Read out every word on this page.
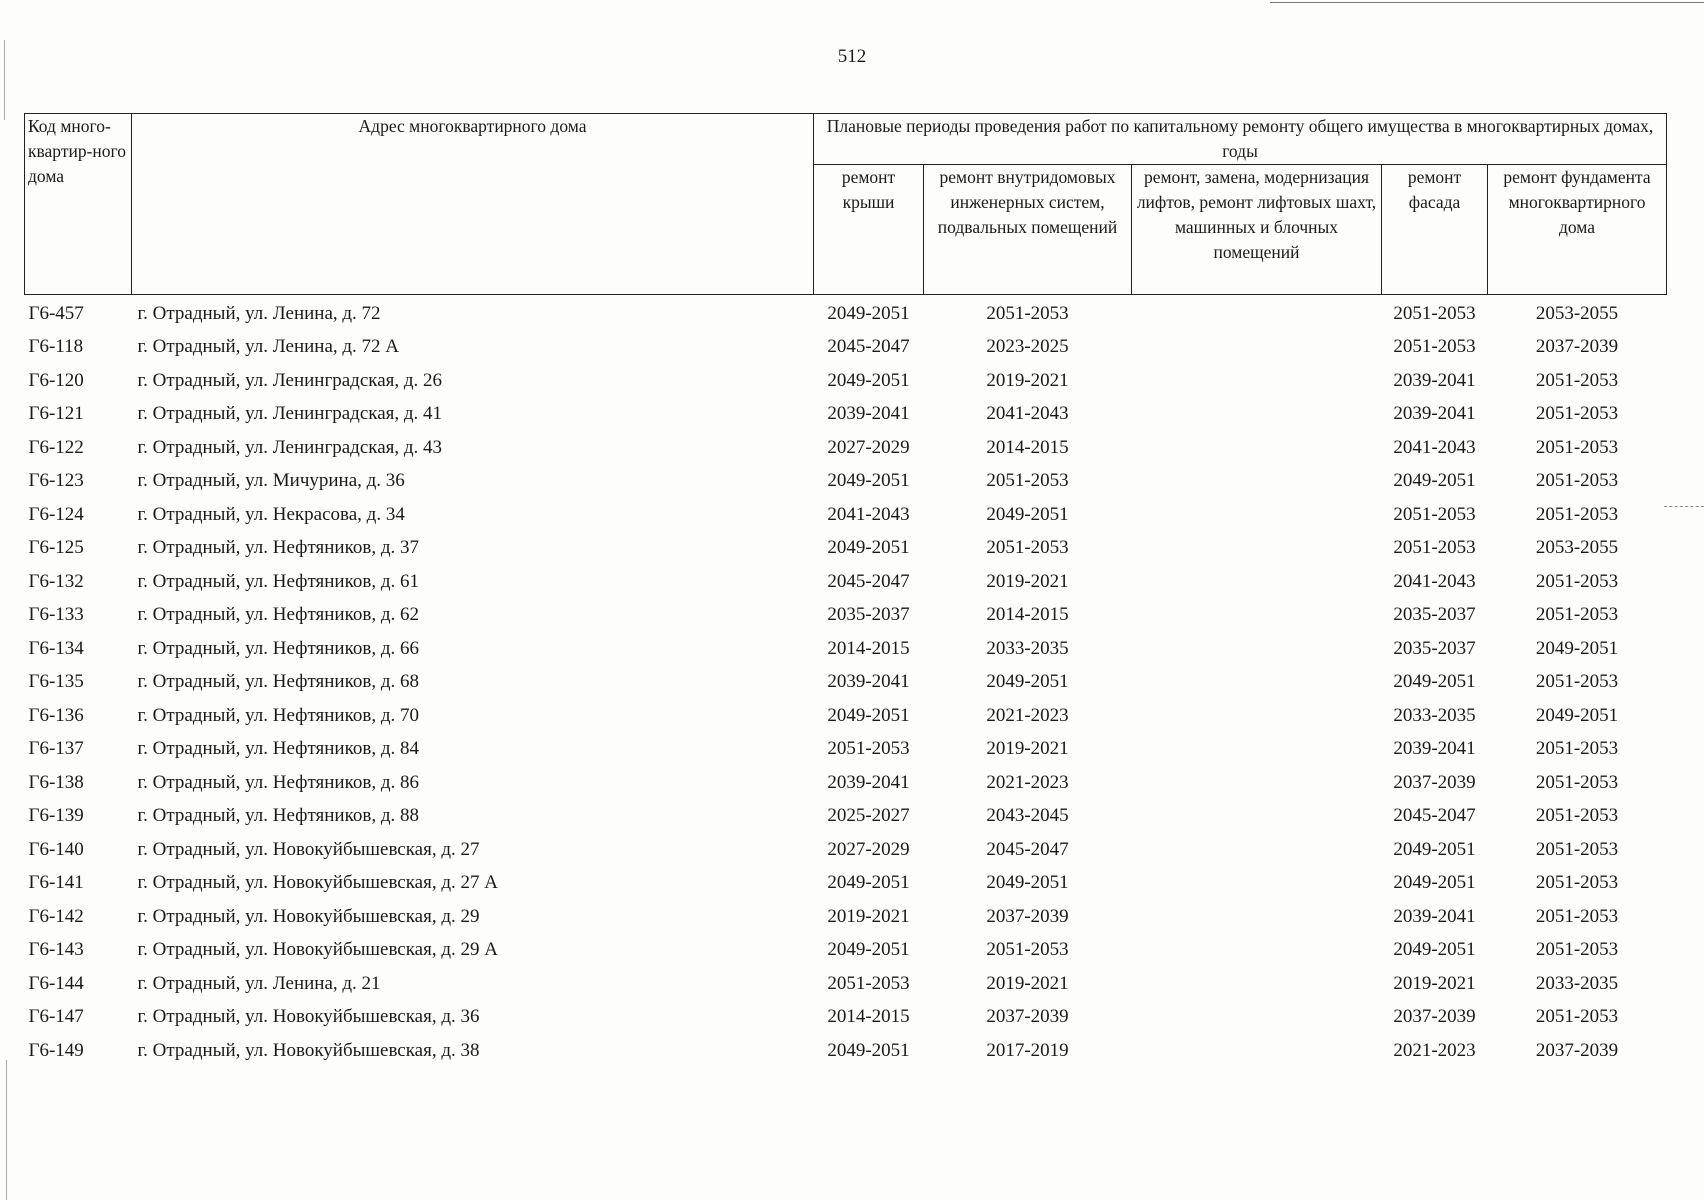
512
Код много-квартир-ного дома	Адрес многоквартирного дома	Плановые периоды проведения работ по капитальному ремонту общего имущества в многоквартирных домах, годы				
		ремонт крыши	ремонт внутридомовых инженерных систем, подвальных помещений	ремонт, замена, модернизация лифтов, ремонт лифтовых шахт, машинных и блочных помещений	ремонт фасада	ремонт фундамента многоквартирного дома
Г6-457	г. Отрадный, ул. Ленина, д. 72	2049-2051	2051-2053		2051-2053	2053-2055
Г6-118	г. Отрадный, ул. Ленина, д. 72 А	2045-2047	2023-2025		2051-2053	2037-2039
Г6-120	г. Отрадный, ул. Ленинградская, д. 26	2049-2051	2019-2021		2039-2041	2051-2053
Г6-121	г. Отрадный, ул. Ленинградская, д. 41	2039-2041	2041-2043		2039-2041	2051-2053
Г6-122	г. Отрадный, ул. Ленинградская, д. 43	2027-2029	2014-2015		2041-2043	2051-2053
Г6-123	г. Отрадный, ул. Мичурина, д. 36	2049-2051	2051-2053		2049-2051	2051-2053
Г6-124	г. Отрадный, ул. Некрасова, д. 34	2041-2043	2049-2051		2051-2053	2051-2053
Г6-125	г. Отрадный, ул. Нефтяников, д. 37	2049-2051	2051-2053		2051-2053	2053-2055
Г6-132	г. Отрадный, ул. Нефтяников, д. 61	2045-2047	2019-2021		2041-2043	2051-2053
Г6-133	г. Отрадный, ул. Нефтяников, д. 62	2035-2037	2014-2015		2035-2037	2051-2053
Г6-134	г. Отрадный, ул. Нефтяников, д. 66	2014-2015	2033-2035		2035-2037	2049-2051
Г6-135	г. Отрадный, ул. Нефтяников, д. 68	2039-2041	2049-2051		2049-2051	2051-2053
Г6-136	г. Отрадный, ул. Нефтяников, д. 70	2049-2051	2021-2023		2033-2035	2049-2051
Г6-137	г. Отрадный, ул. Нефтяников, д. 84	2051-2053	2019-2021		2039-2041	2051-2053
Г6-138	г. Отрадный, ул. Нефтяников, д. 86	2039-2041	2021-2023		2037-2039	2051-2053
Г6-139	г. Отрадный, ул. Нефтяников, д. 88	2025-2027	2043-2045		2045-2047	2051-2053
Г6-140	г. Отрадный, ул. Новокуйбышевская, д. 27	2027-2029	2045-2047		2049-2051	2051-2053
Г6-141	г. Отрадный, ул. Новокуйбышевская, д. 27 А	2049-2051	2049-2051		2049-2051	2051-2053
Г6-142	г. Отрадный, ул. Новокуйбышевская, д. 29	2019-2021	2037-2039		2039-2041	2051-2053
Г6-143	г. Отрадный, ул. Новокуйбышевская, д. 29 А	2049-2051	2051-2053		2049-2051	2051-2053
Г6-144	г. Отрадный, ул. Ленина, д. 21	2051-2053	2019-2021		2019-2021	2033-2035
Г6-147	г. Отрадный, ул. Новокуйбышевская, д. 36	2014-2015	2037-2039		2037-2039	2051-2053
Г6-149	г. Отрадный, ул. Новокуйбышевская, д. 38	2049-2051	2017-2019		2021-2023	2037-2039
